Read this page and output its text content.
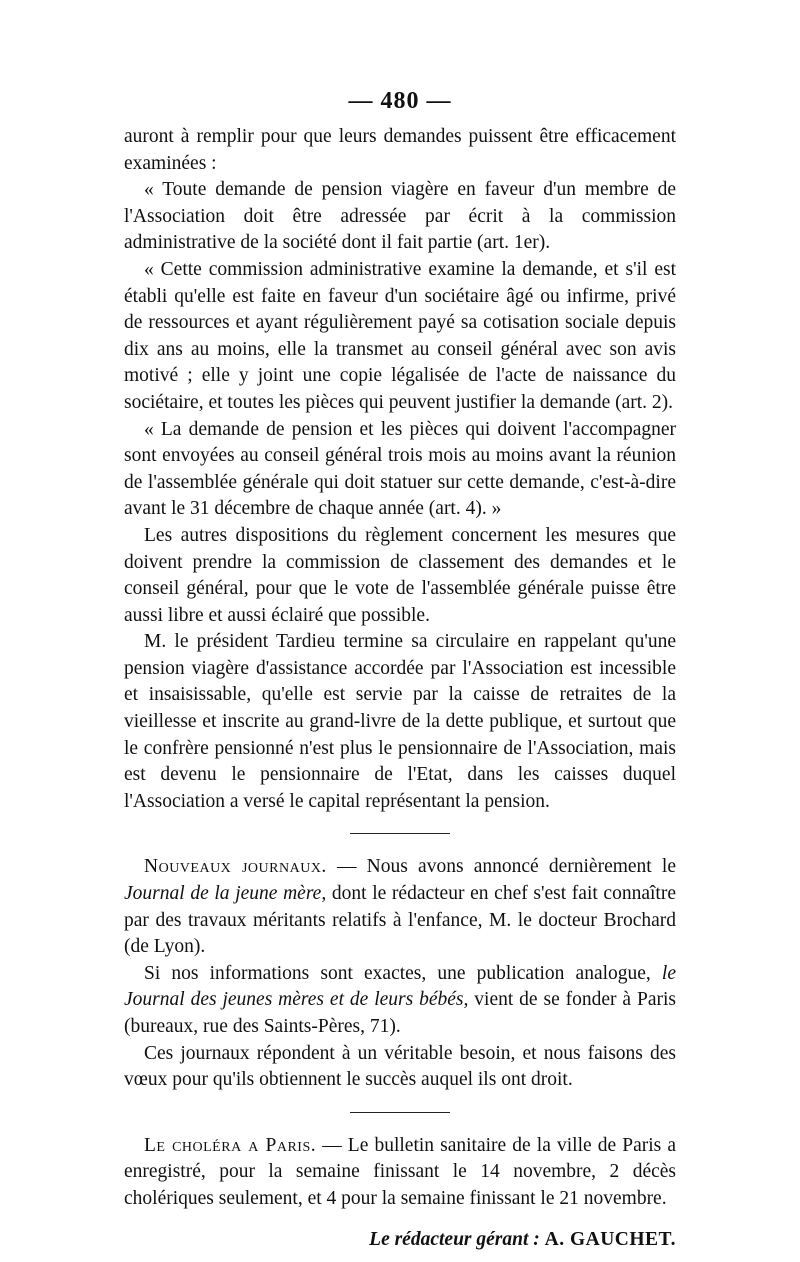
— 480 —

auront à remplir pour que leurs demandes puissent être efficacement examinées :

« Toute demande de pension viagère en faveur d'un membre de l'Association doit être adressée par écrit à la commission administrative de la société dont il fait partie (art. 1er).

« Cette commission administrative examine la demande, et s'il est établi qu'elle est faite en faveur d'un sociétaire âgé ou infirme, privé de ressources et ayant régulièrement payé sa cotisation sociale depuis dix ans au moins, elle la transmet au conseil général avec son avis motivé ; elle y joint une copie légalisée de l'acte de naissance du sociétaire, et toutes les pièces qui peuvent justifier la demande (art. 2).

« La demande de pension et les pièces qui doivent l'accompagner sont envoyées au conseil général trois mois au moins avant la réunion de l'assemblée générale qui doit statuer sur cette demande, c'est-à-dire avant le 31 décembre de chaque année (art. 4). »

Les autres dispositions du règlement concernent les mesures que doivent prendre la commission de classement des demandes et le conseil général, pour que le vote de l'assemblée générale puisse être aussi libre et aussi éclairé que possible.

M. le président Tardieu termine sa circulaire en rappelant qu'une pension viagère d'assistance accordée par l'Association est incessible et insaisissable, qu'elle est servie par la caisse de retraites de la vieillesse et inscrite au grand-livre de la dette publique, et surtout que le confrère pensionné n'est plus le pensionnaire de l'Association, mais est devenu le pensionnaire de l'Etat, dans les caisses duquel l'Association a versé le capital représentant la pension.

Nouveaux journaux. — Nous avons annoncé dernièrement le Journal de la jeune mère, dont le rédacteur en chef s'est fait connaître par des travaux méritants relatifs à l'enfance, M. le docteur Brochard (de Lyon).

Si nos informations sont exactes, une publication analogue, le Journal des jeunes mères et de leurs bébés, vient de se fonder à Paris (bureaux, rue des Saints-Pères, 71).

Ces journaux répondent à un véritable besoin, et nous faisons des vœux pour qu'ils obtiennent le succès auquel ils ont droit.

Le choléra a Paris. — Le bulletin sanitaire de la ville de Paris a enregistré, pour la semaine finissant le 14 novembre, 2 décès cholériques seulement, et 4 pour la semaine finissant le 21 novembre.

Le rédacteur gérant : A. GAUCHET.
